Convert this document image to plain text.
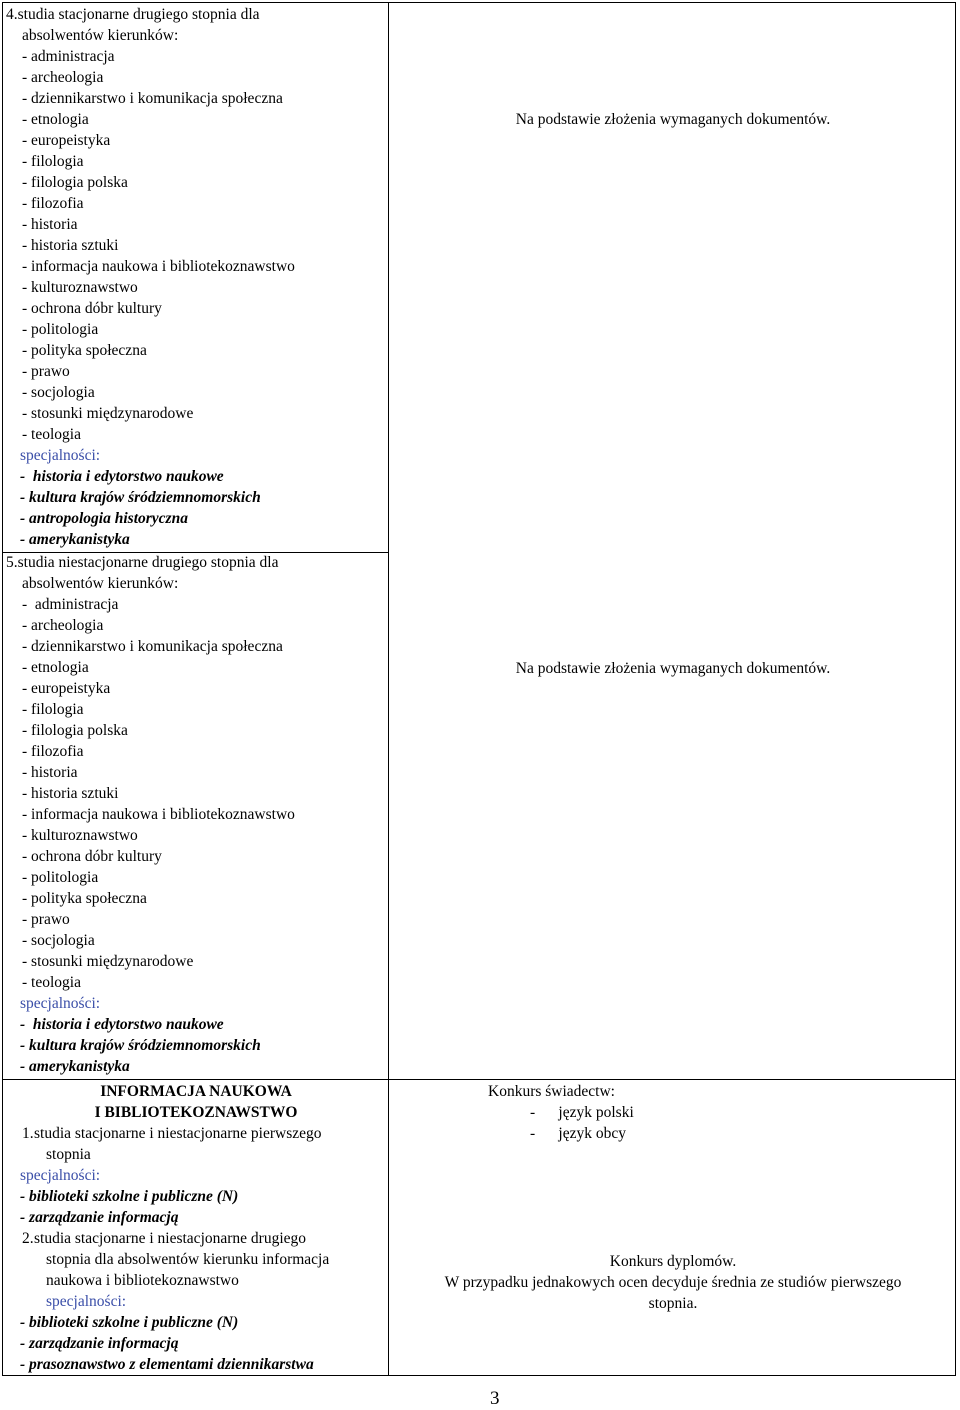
4.studia stacjonarne drugiego stopnia dla
absolwentów kierunków:
- administracja
- archeologia
- dziennikarstwo i komunikacja społeczna
- etnologia
- europeistyka
- filologia
- filologia polska
- filozofia
- historia
- historia sztuki
- informacja naukowa i bibliotekoznawstwo
- kulturoznawstwo
- ochrona dóbr kultury
- politologia
- polityka społeczna
- prawo
- socjologia
- stosunki międzynarodowe
- teologia
specjalności:
-  historia i edytorstwo naukowe
- kultura krajów śródziemnomorskich
- antropologia historyczna
- amerykanistyka
Na podstawie złożenia wymaganych dokumentów.
5.studia niestacjonarne drugiego stopnia dla
absolwentów kierunków:
-  administracja
- archeologia
- dziennikarstwo i komunikacja społeczna
- etnologia
- europeistyka
- filologia
- filologia polska
- filozofia
- historia
- historia sztuki
- informacja naukowa i bibliotekoznawstwo
- kulturoznawstwo
- ochrona dóbr kultury
- politologia
- polityka społeczna
- prawo
- socjologia
- stosunki międzynarodowe
- teologia
specjalności:
-  historia i edytorstwo naukowe
- kultura krajów śródziemnomorskich
- amerykanistyka
Na podstawie złożenia wymaganych dokumentów.
INFORMACJA NAUKOWA
I BIBLIOTEKOZNAWSTWO
1.studia stacjonarne i niestacjonarne pierwszego
stopnia
specjalności:
- biblioteki szkolne i publiczne (N)
- zarządzanie informacją
2.studia stacjonarne i niestacjonarne drugiego
stopnia dla absolwentów kierunku informacja
naukowa i bibliotekoznawstwo
specjalności:
- biblioteki szkolne i publiczne (N)
- zarządzanie informacją
- prasoznawstwo z elementami dziennikarstwa
Konkurs świadectw:
-      język polski
-      język obcy
Konkurs dyplomów.
W przypadku jednakowych ocen decyduje średnia ze studiów pierwszego
stopnia.
3
